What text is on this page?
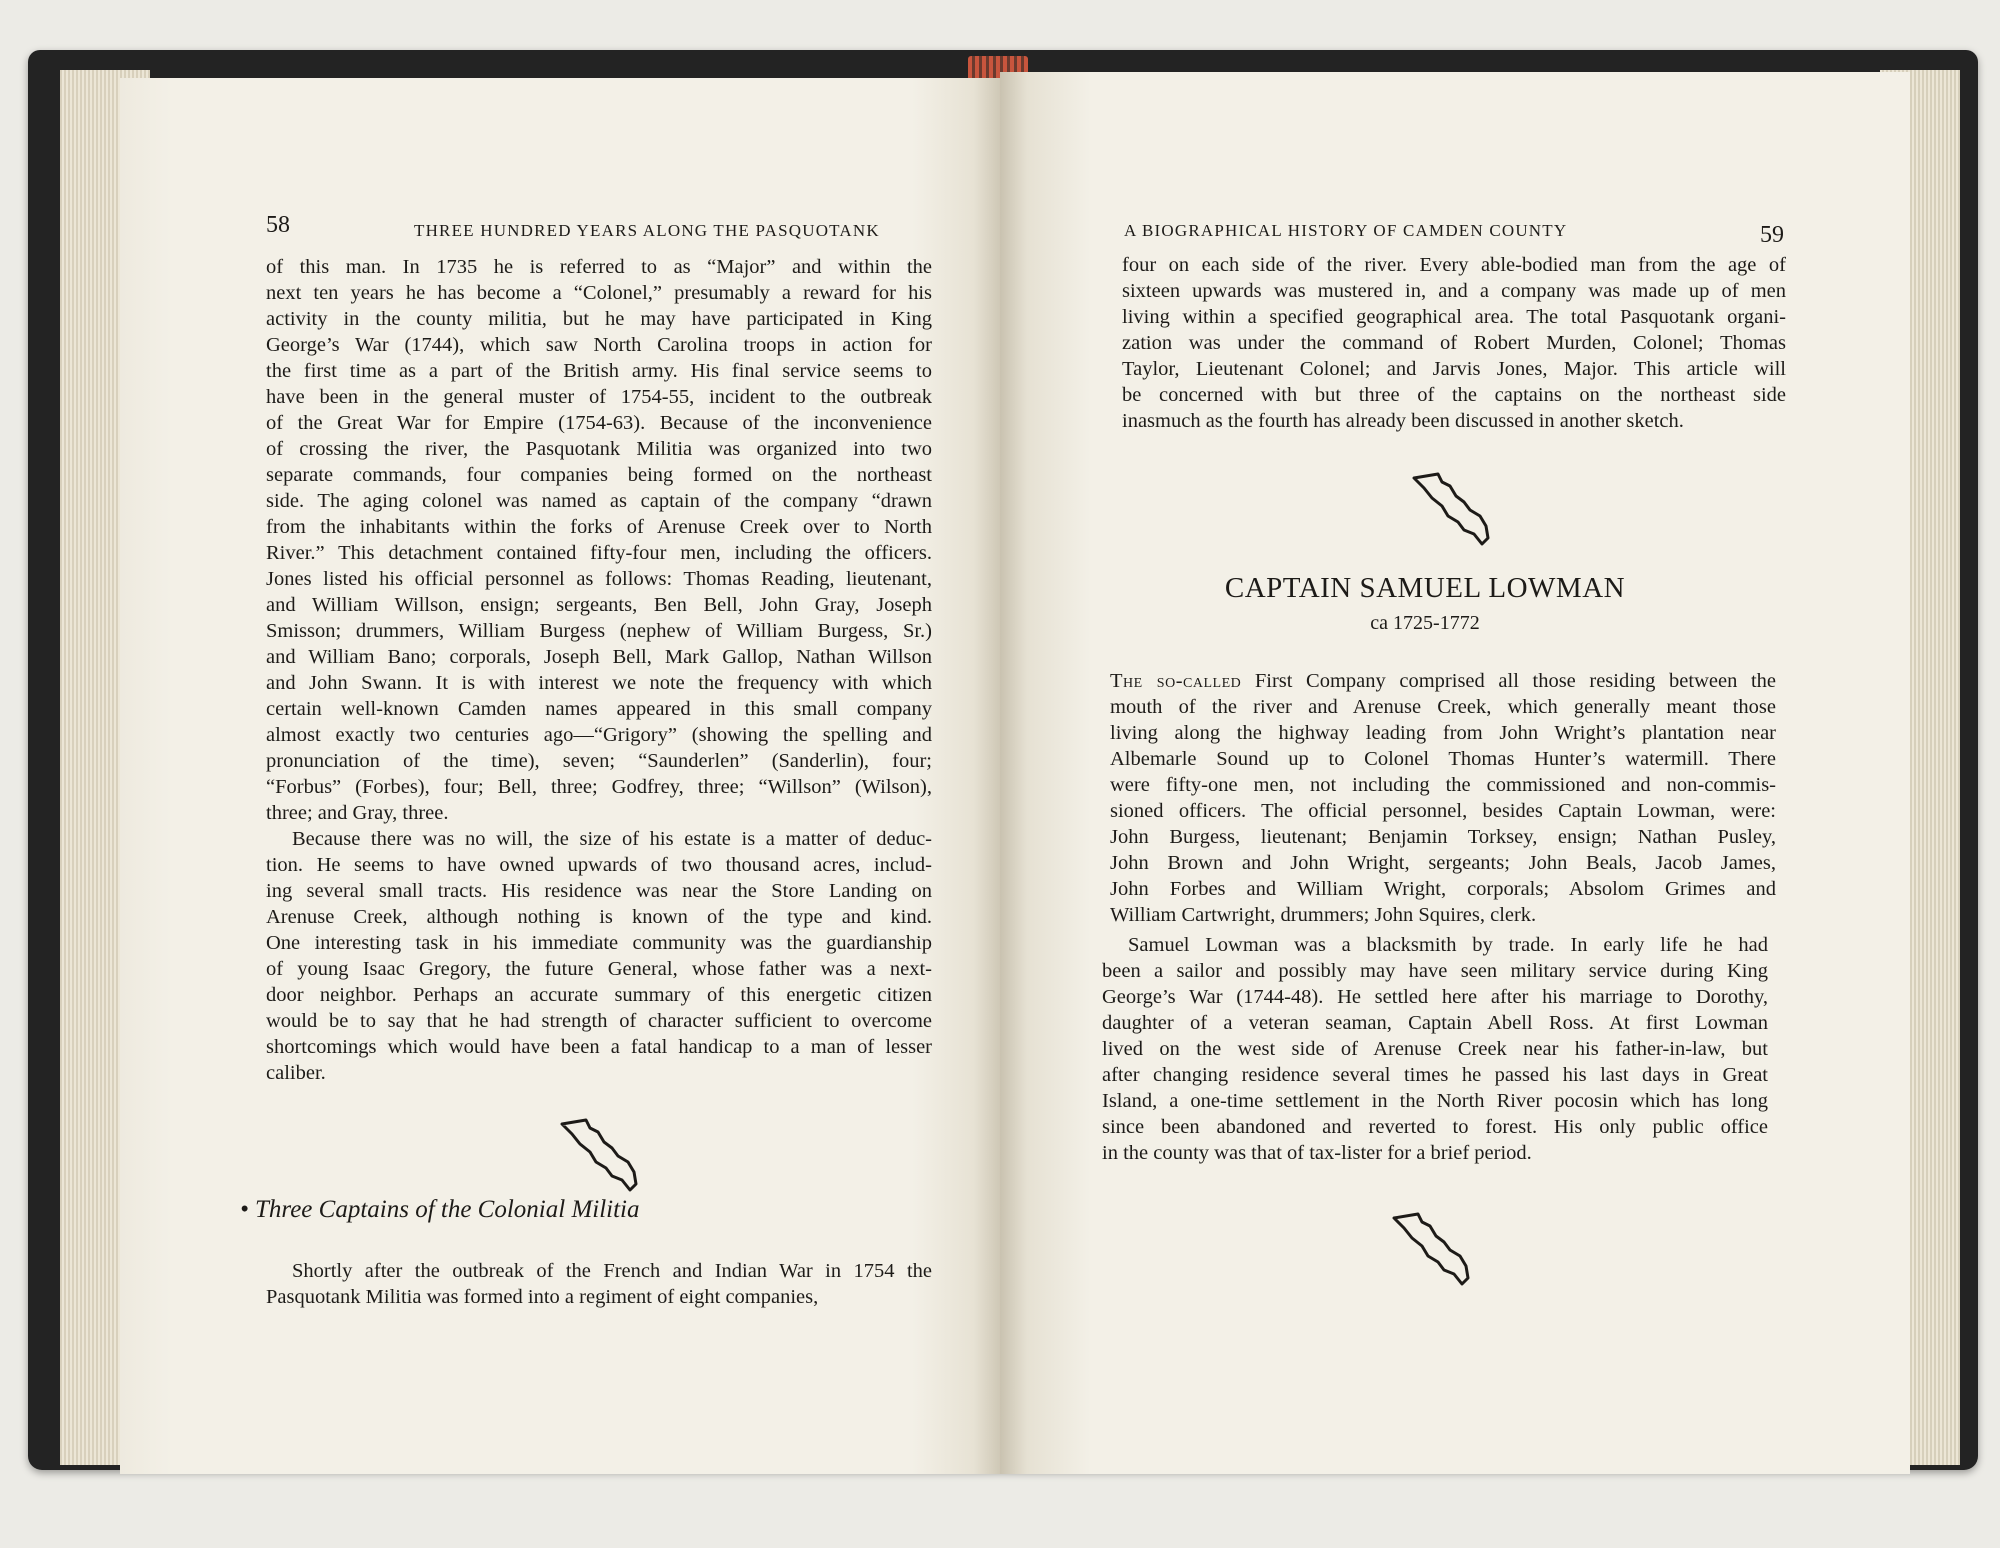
58	THREE HUNDRED YEARS ALONG THE PASQUOTANK

of this man. In 1735 he is referred to as “Major” and within the

next ten years he has become a “Colonel,” presumably a reward for his

activity in the county militia, but he may have participated in King

George’s War (1744), which saw North Carolina troops in action for

the first time as a part of the British army. His final service seems to

have been in the general muster of 1754-55, incident to the outbreak

of the Great War for Empire (1754-63). Because of the inconvenience

of crossing the river, the Pasquotank Militia was organized into two

separate commands, four companies being formed on the northeast

side. The aging colonel was named as captain of the company “drawn

from the inhabitants within the forks of Arenuse Creek over to North

River.” This detachment contained fifty-four men, including the officers.

Jones listed his official personnel as follows: Thomas Reading, lieutenant,

and William Willson, ensign; sergeants, Ben Bell, John Gray, Joseph

Smisson; drummers, William Burgess (nephew of William Burgess, Sr.)

and William Bano; corporals, Joseph Bell, Mark Gallop, Nathan Willson

and John Swann. It is with interest we note the frequency with which

certain well-known Camden names appeared in this small company

almost exactly two centuries ago—“Grigory” (showing the spelling and

pronunciation of the time), seven; “Saunderlen” (Sanderlin), four;

“Forbus” (Forbes), four; Bell, three; Godfrey, three; “Willson” (Wilson),

three; and Gray, three.

Because there was no will, the size of his estate is a matter of deduc-

tion. He seems to have owned upwards of two thousand acres, includ-

ing several small tracts. His residence was near the Store Landing on

Arenuse Creek, although nothing is known of the type and kind.

One interesting task in his immediate community was the guardianship

of young Isaac Gregory, the future General, whose father was a next-

door neighbor. Perhaps an accurate summary of this energetic citizen

would be to say that he had strength of character sufficient to overcome

shortcomings which would have been a fatal handicap to a man of lesser

caliber.

• Three Captains of the Colonial Militia

Shortly after the outbreak of the French and Indian War in 1754 the

Pasquotank Militia was formed into a regiment of eight companies,

A BIOGRAPHICAL HISTORY OF CAMDEN COUNTY	59

four on each side of the river. Every able-bodied man from the age of

sixteen upwards was mustered in, and a company was made up of men

living within a specified geographical area. The total Pasquotank organi-

zation was under the command of Robert Murden, Colonel; Thomas

Taylor, Lieutenant Colonel; and Jarvis Jones, Major. This article will

be concerned with but three of the captains on the northeast side

inasmuch as the fourth has already been discussed in another sketch.

CAPTAIN SAMUEL LOWMAN
ca 1725-1772

The so-called First Company comprised all those residing between the

mouth of the river and Arenuse Creek, which generally meant those

living along the highway leading from John Wright’s plantation near

Albemarle Sound up to Colonel Thomas Hunter’s watermill. There

were fifty-one men, not including the commissioned and non-commis-

sioned officers. The official personnel, besides Captain Lowman, were:

John Burgess, lieutenant; Benjamin Torksey, ensign; Nathan Pusley,

John Brown and John Wright, sergeants; John Beals, Jacob James,

John Forbes and William Wright, corporals; Absolom Grimes and

William Cartwright, drummers; John Squires, clerk.

Samuel Lowman was a blacksmith by trade. In early life he had

been a sailor and possibly may have seen military service during King

George’s War (1744-48). He settled here after his marriage to Dorothy,

daughter of a veteran seaman, Captain Abell Ross. At first Lowman

lived on the west side of Arenuse Creek near his father-in-law, but

after changing residence several times he passed his last days in Great

Island, a one-time settlement in the North River pocosin which has long

since been abandoned and reverted to forest. His only public office

in the county was that of tax-lister for a brief period.
